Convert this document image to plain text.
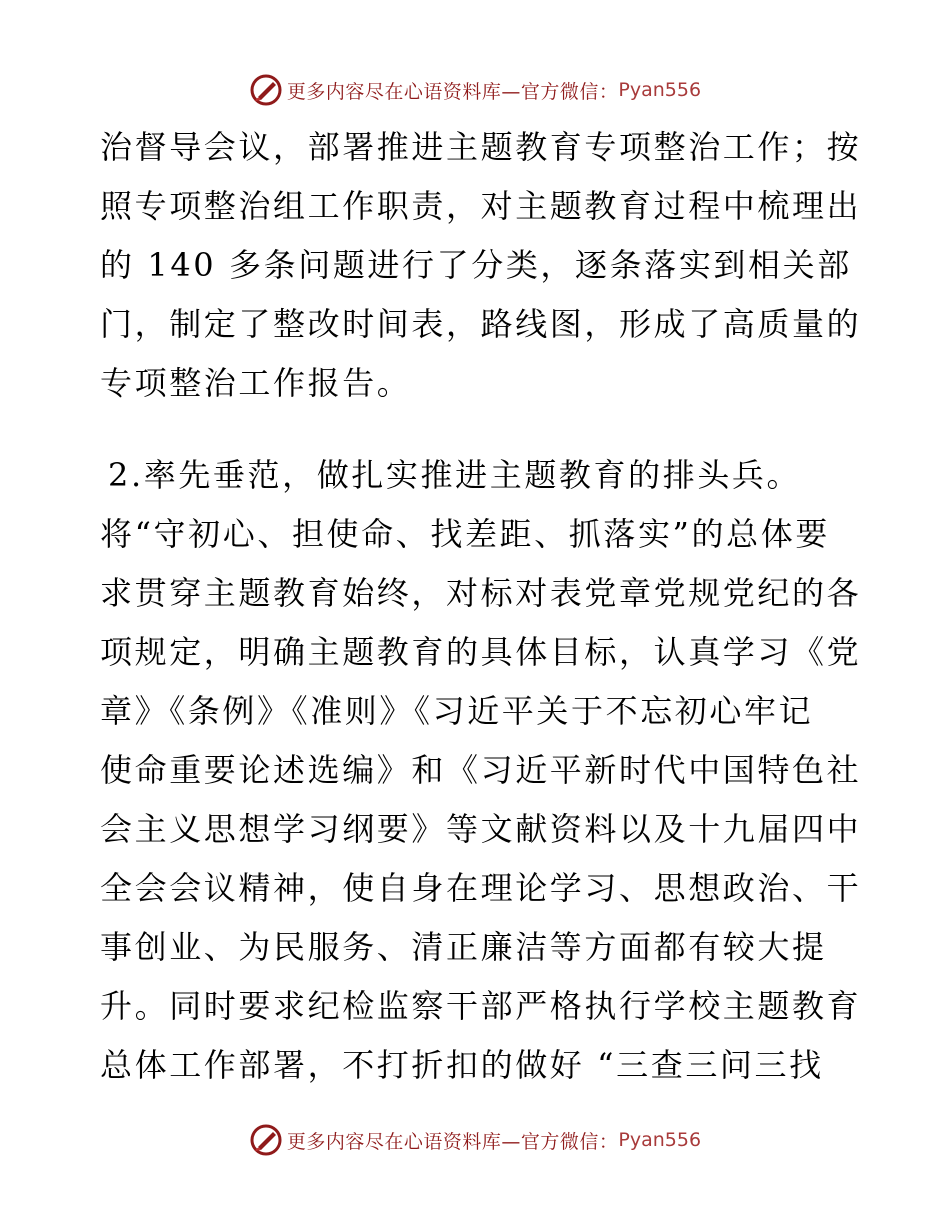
更多内容尽在心语资料库—官方微信： Pyan556
治督导会议，部署推进主题教育专项整治工作；按
照专项整治组工作职责，对主题教育过程中梳理出
的 140 多条问题进行了分类，逐条落实到相关部
门，制定了整改时间表，路线图，形成了高质量的
专项整治工作报告。
2.率先垂范，做扎实推进主题教育的排头兵。
将“守初心、担使命、找差距、抓落实”的总体要
求贯穿主题教育始终，对标对表党章党规党纪的各
项规定，明确主题教育的具体目标，认真学习《党
章》《条例》《准则》《习近平关于不忘初心牢记
使命重要论述选编》和《习近平新时代中国特色社
会主义思想学习纲要》等文献资料以及十九届四中
全会会议精神，使自身在理论学习、思想政治、干
事创业、为民服务、清正廉洁等方面都有较大提
升。同时要求纪检监察干部严格执行学校主题教育
总体工作部署，不打折扣的做好 “三查三问三找
更多内容尽在心语资料库—官方微信： Pyan556
